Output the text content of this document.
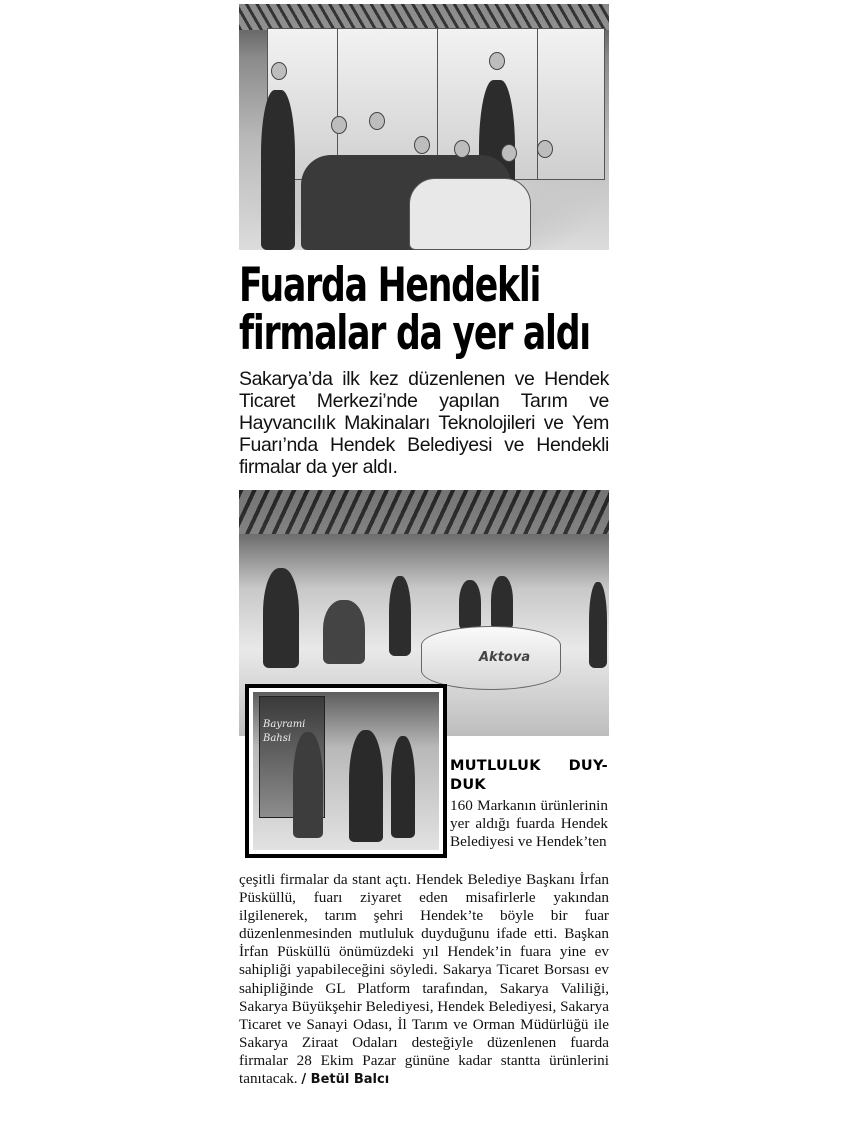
Fuarda Hendekli firmalar da yer aldı
Sakarya’da ilk kez düzenlenen ve Hendek Ticaret Merkezi’nde yapılan Tarım ve Hayvancılık Makinaları Teknolojileri ve Yem Fuarı’nda Hendek Belediyesi ve Hendekli firmalar da yer aldı.
Aktova
Bayrami Bahsi
MUTLULUK DUY-
DUK
160 Markanın ürünlerinin yer aldığı fuarda Hendek Belediyesi ve Hendek’ten
çeşitli firmalar da stant açtı. Hendek Belediye Başkanı İrfan Püsküllü, fuarı ziyaret eden misafirlerle yakından ilgilenerek, tarım şehri Hendek’te böyle bir fuar düzenlenmesinden mutluluk duyduğunu ifade etti. Başkan İrfan Püsküllü önümüzdeki yıl Hendek’in fuara yine ev sahipliği yapabileceğini söyledi. Sakarya Ticaret Borsası ev sahipliğinde GL Platform tarafından, Sakarya Valiliği, Sakarya Büyükşehir Belediyesi, Hendek Belediyesi, Sakarya Ticaret ve Sanayi Odası, İl Tarım ve Orman Müdürlüğü ile Sakarya Ziraat Odaları desteğiyle düzenlenen fuarda firmalar 28 Ekim Pazar gününe kadar stantta ürünlerini tanıtacak. / Betül Balcı
